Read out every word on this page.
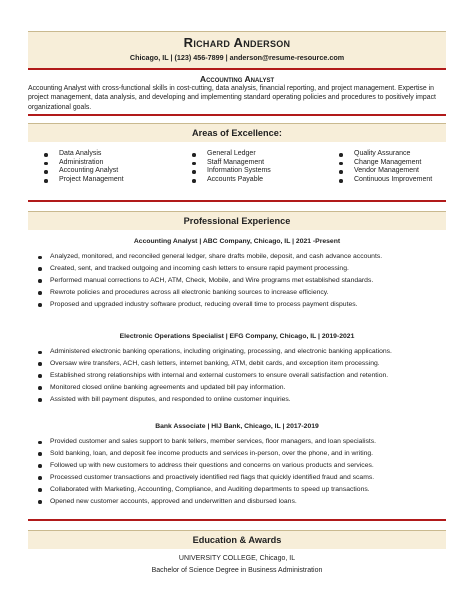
Richard Anderson
Chicago, IL | (123) 456-7899 | anderson@resume-resource.com
Accounting Analyst
Accounting Analyst with cross-functional skills in cost-cutting, data analysis, financial reporting, and project management. Expertise in project management, data analysis, and developing and implementing standard operating policies and procedures to positively impact organizational goals.
Areas of Excellence:
Data Analysis
Administration
Accounting Analyst
Project Management
General Ledger
Staff Management
Information Systems
Accounts Payable
Quality Assurance
Change Management
Vendor Management
Continuous Improvement
Professional Experience
Accounting Analyst | ABC Company, Chicago, IL | 2021 -Present
Analyzed, monitored, and reconciled general ledger, share drafts mobile, deposit, and cash advance accounts.
Created, sent, and tracked outgoing and incoming cash letters to ensure rapid payment processing.
Performed manual corrections to ACH, ATM, Check, Mobile, and Wire programs met established standards.
Rewrote policies and procedures across all electronic banking sources to increase efficiency.
Proposed and upgraded industry software product, reducing overall time to process payment disputes.
Electronic Operations Specialist | EFG Company, Chicago, IL | 2019-2021
Administered electronic banking operations, including originating, processing, and electronic banking applications.
Oversaw wire transfers, ACH, cash letters, internet banking, ATM, debit cards, and exception item processing.
Established strong relationships with internal and external customers to ensure overall satisfaction and retention.
Monitored closed online banking agreements and updated bill pay information.
Assisted with bill payment disputes, and responded to online customer inquiries.
Bank Associate | HIJ Bank, Chicago, IL | 2017-2019
Provided customer and sales support to bank tellers, member services, floor managers, and loan specialists.
Sold banking, loan, and deposit fee income products and services in-person, over the phone, and in writing.
Followed up with new customers to address their questions and concerns on various products and services.
Processed customer transactions and proactively identified red flags that quickly identified fraud and scams.
Collaborated with Marketing, Accounting, Compliance, and Auditing departments to speed up transactions.
Opened new customer accounts, approved and underwritten and disbursed loans.
Education & Awards
UNIVERSITY COLLEGE, Chicago, IL
Bachelor of Science Degree in Business Administration
